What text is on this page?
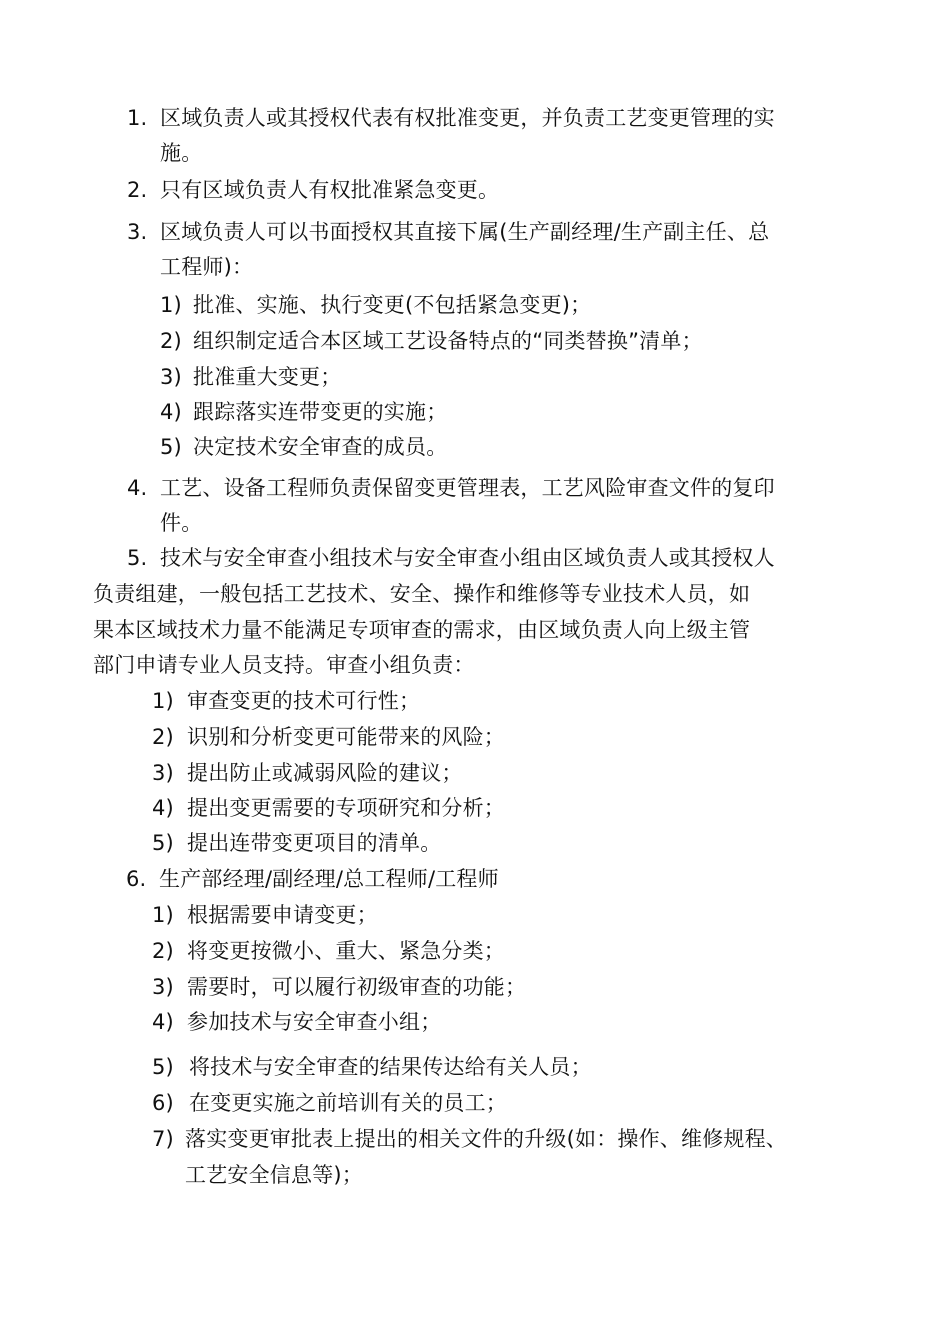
1. 区域负责人或其授权代表有权批准变更，并负责工艺变更管理的实
施。
2. 只有区域负责人有权批准紧急变更。
3. 区域负责人可以书面授权其直接下属(生产副经理/生产副主任、总
工程师)：
1) 批准、实施、执行变更(不包括紧急变更)；
2) 组织制定适合本区域工艺设备特点的“同类替换”清单；
3) 批准重大变更；
4) 跟踪落实连带变更的实施；
5) 决定技术安全审查的成员。
4. 工艺、设备工程师负责保留变更管理表，工艺风险审查文件的复印
件。
5. 技术与安全审查小组技术与安全审查小组由区域负责人或其授权人
负责组建，一般包括工艺技术、安全、操作和维修等专业技术人员，如
果本区域技术力量不能满足专项审查的需求，由区域负责人向上级主管
部门申请专业人员支持。审查小组负责：
1) 审查变更的技术可行性；
2) 识别和分析变更可能带来的风险；
3) 提出防止或减弱风险的建议；
4) 提出变更需要的专项研究和分析；
5) 提出连带变更项目的清单。
6. 生产部经理/副经理/总工程师/工程师
1) 根据需要申请变更；
2) 将变更按微小、重大、紧急分类；
3) 需要时，可以履行初级审查的功能；
4) 参加技术与安全审查小组；
5) 将技术与安全审查的结果传达给有关人员；
6) 在变更实施之前培训有关的员工；
7) 落实变更审批表上提出的相关文件的升级(如：操作、维修规程、
工艺安全信息等)；
